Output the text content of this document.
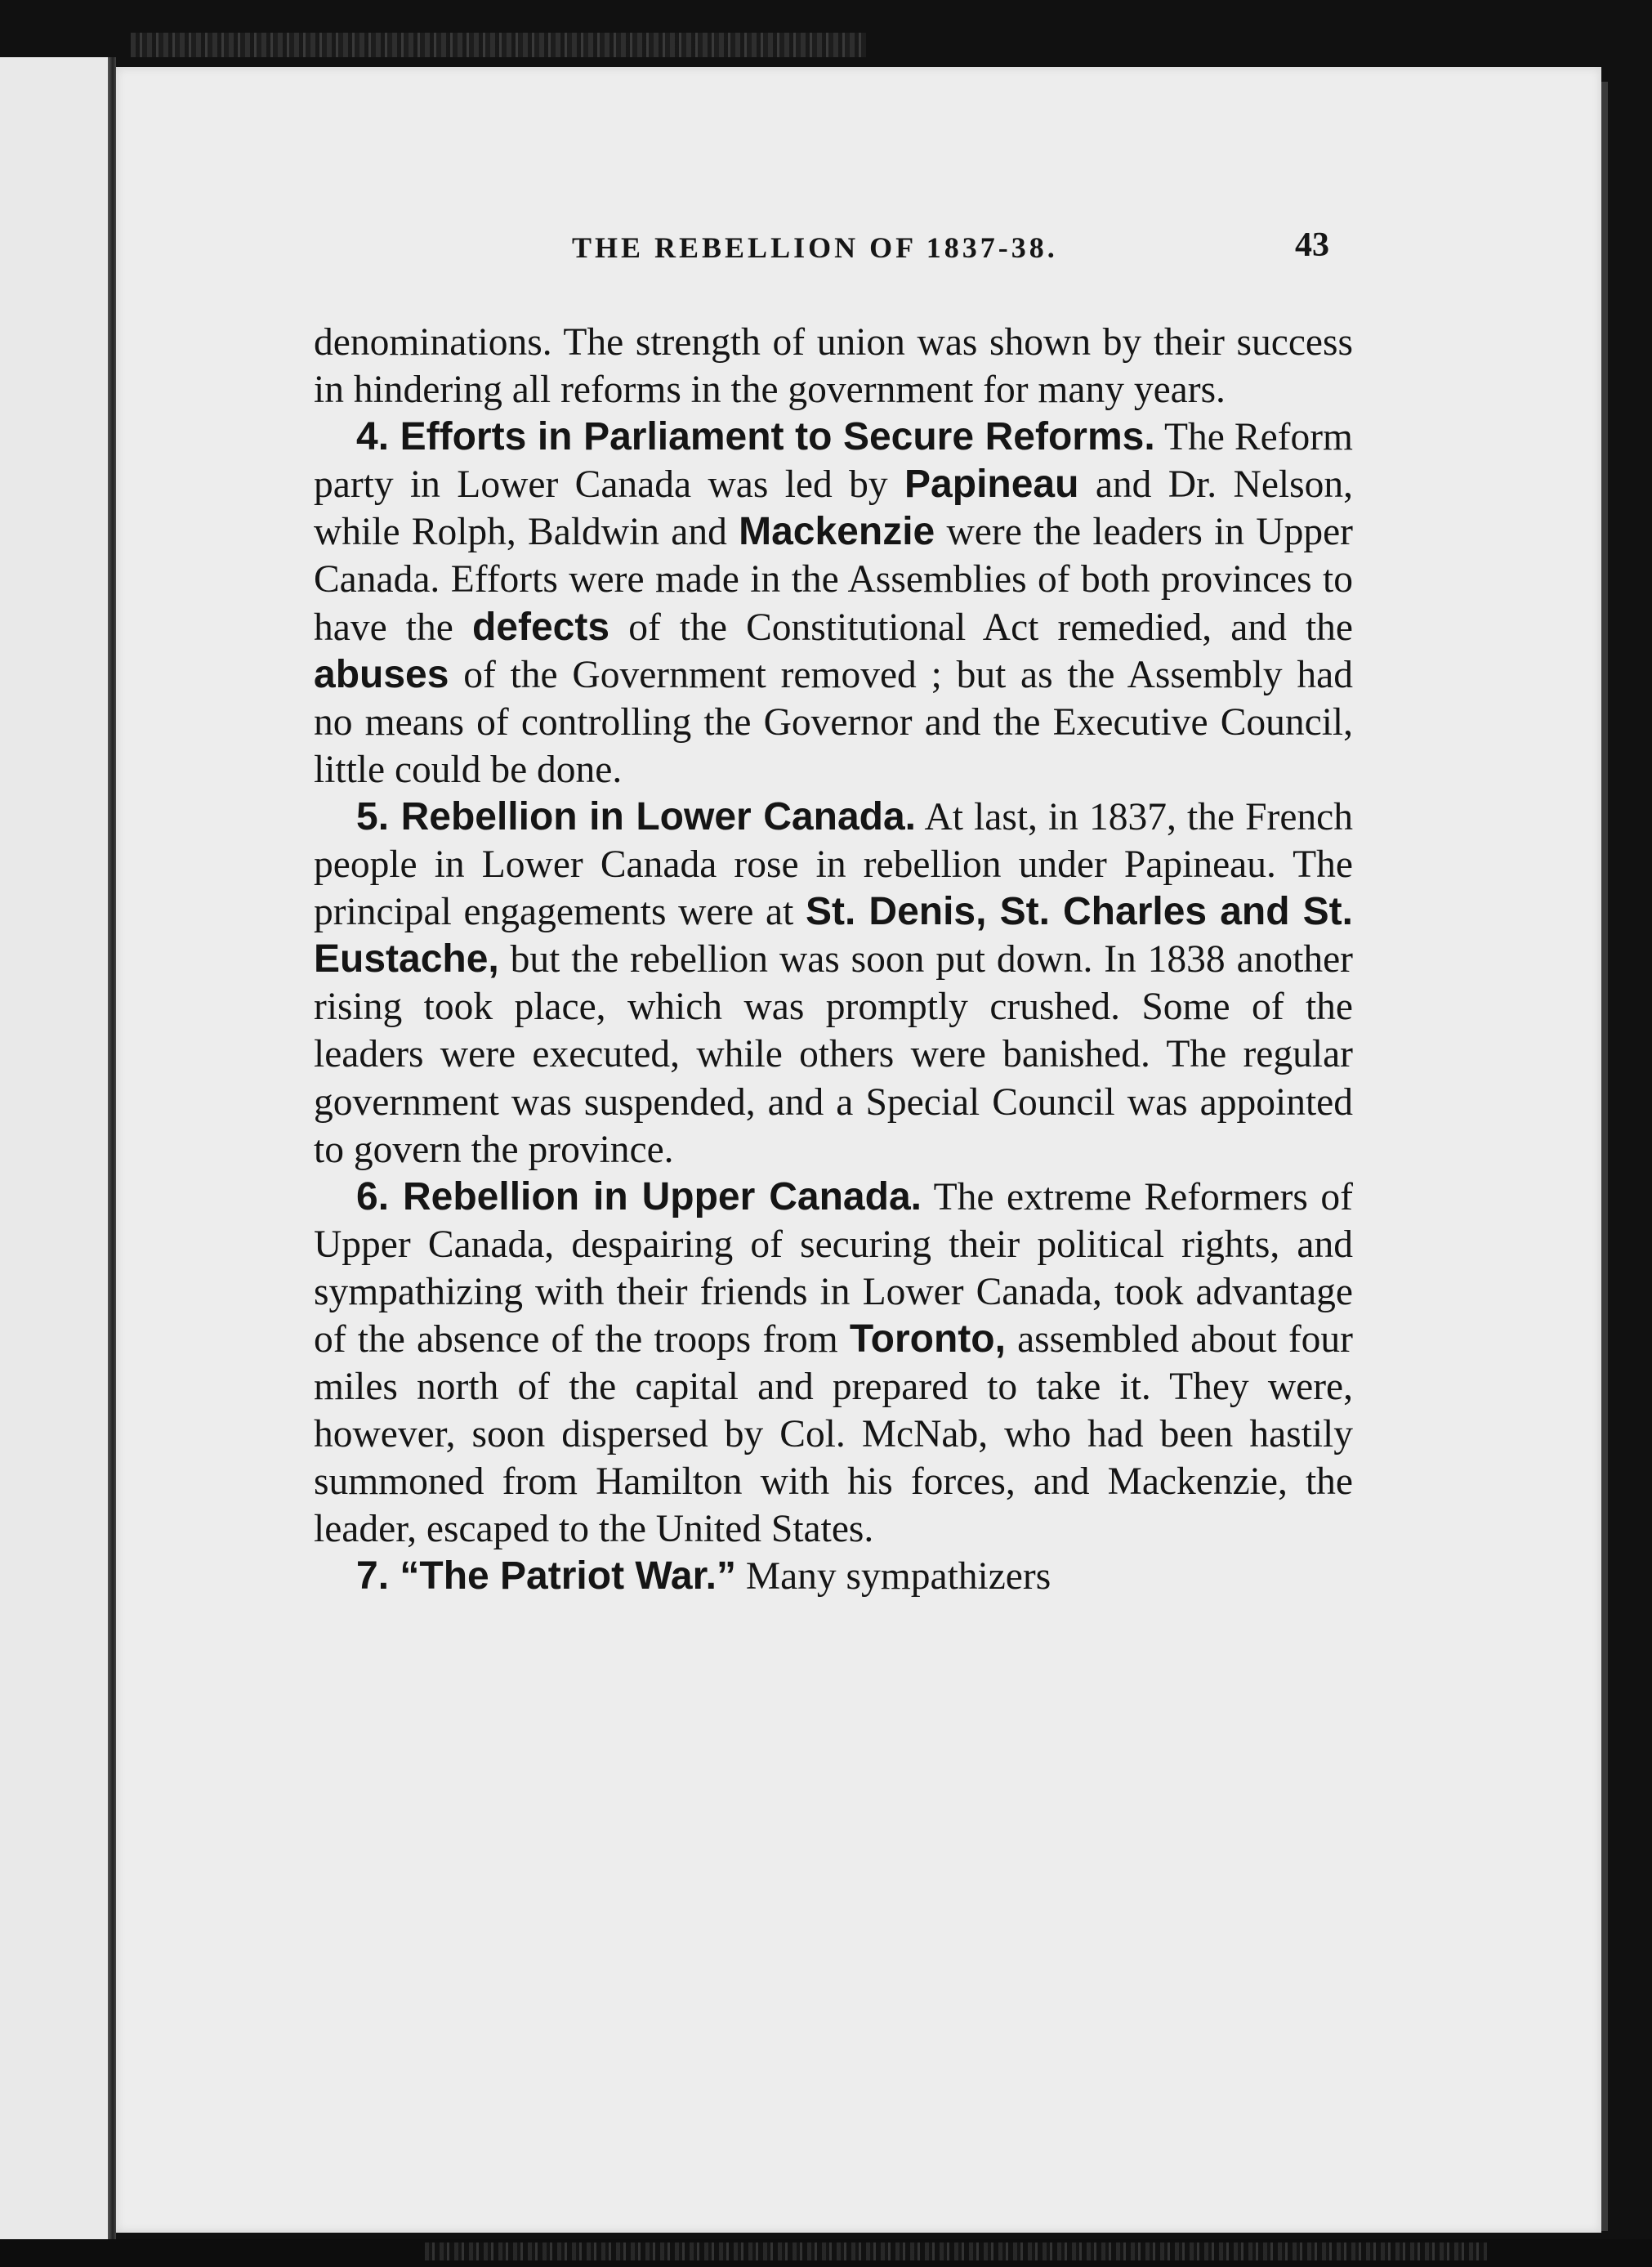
THE REBELLION OF 1837-38.	43

denominations. The strength of union was shown by their success in hindering all reforms in the government for many years.

4. Efforts in Parliament to Secure Reforms. The Reform party in Lower Canada was led by Papineau and Dr. Nelson, while Rolph, Baldwin and Mackenzie were the leaders in Upper Canada. Efforts were made in the Assemblies of both provinces to have the defects of the Constitutional Act remedied, and the abuses of the Government removed ; but as the Assembly had no means of controlling the Governor and the Executive Council, little could be done.

5. Rebellion in Lower Canada. At last, in 1837, the French people in Lower Canada rose in rebellion under Papineau. The principal engagements were at St. Denis, St. Charles and St. Eustache, but the rebellion was soon put down. In 1838 another rising took place, which was promptly crushed. Some of the leaders were executed, while others were banished. The regular government was suspended, and a Special Council was appointed to govern the province.

6. Rebellion in Upper Canada. The extreme Reformers of Upper Canada, despairing of securing their political rights, and sympathizing with their friends in Lower Canada, took advantage of the absence of the troops from Toronto, assembled about four miles north of the capital and prepared to take it. They were, however, soon dispersed by Col. McNab, who had been hastily summoned from Hamilton with his forces, and Mackenzie, the leader, escaped to the United States.

7. “The Patriot War.” Many sympathizers
